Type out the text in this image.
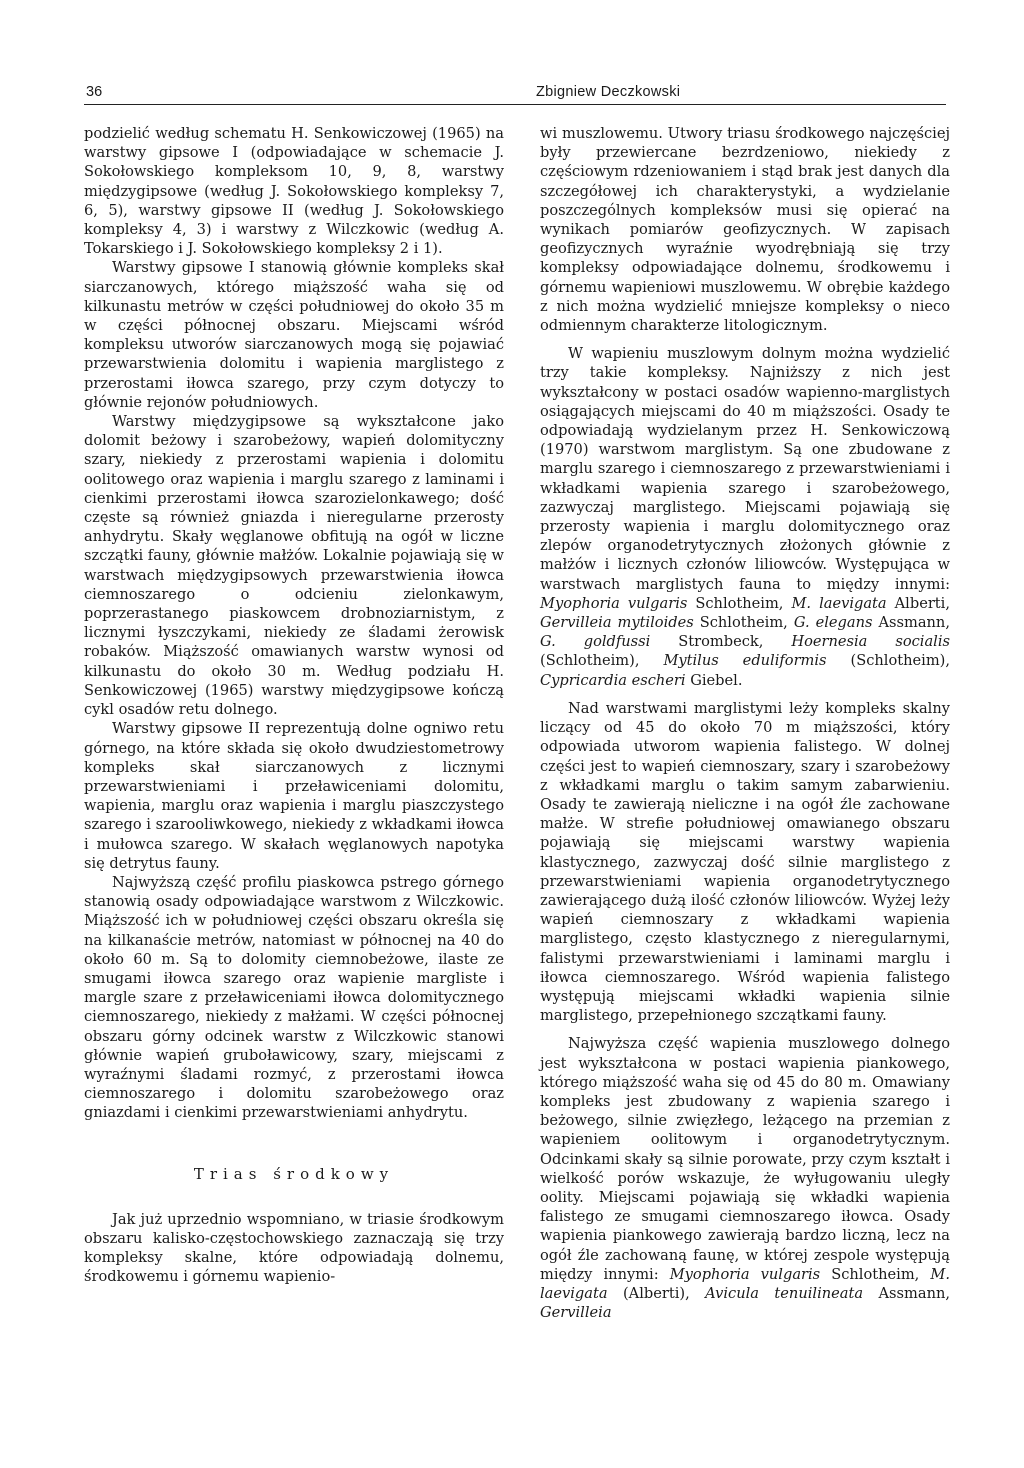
36	Zbigniew Deczkowski

podzielić według schematu H. Senkowiczowej (1965) na warstwy gipsowe I (odpowiadające w schemacie J. Sokołowskiego kompleksom 10, 9, 8, warstwy międzygipsowe (według J. Sokołowskiego kompleksy 7, 6, 5), warstwy gipsowe II (według J. Sokołowskiego kompleksy 4, 3) i warstwy z Wilczkowic (według A. Tokarskiego i J. Sokołowskiego kompleksy 2 i 1).

Warstwy gipsowe I stanowią głównie kompleks skał siarczanowych, którego miąższość waha się od kilkunastu metrów w części południowej do około 35 m w części północnej obszaru. Miejscami wśród kompleksu utworów siarczanowych mogą się pojawiać przewarstwienia dolomitu i wapienia marglistego z przerostami iłowca szarego, przy czym dotyczy to głównie rejonów południowych.

Warstwy międzygipsowe są wykształcone jako dolomit beżowy i szarobeżowy, wapień dolomityczny szary, niekiedy z przerostami wapienia i dolomitu oolitowego oraz wapienia i marglu szarego z laminami i cienkimi przerostami iłowca szarozielonkawego; dość częste są również gniazda i nieregularne przerosty anhydrytu. Skały węglanowe obfitują na ogół w liczne szczątki fauny, głównie małżów. Lokalnie pojawiają się w warstwach międzygipsowych przewarstwienia iłowca ciemnoszarego o odcieniu zielonkawym, poprzerastanego piaskowcem drobnoziarnistym, z licznymi łyszczykami, niekiedy ze śladami żerowisk robaków. Miąższość omawianych warstw wynosi od kilkunastu do około 30 m. Według podziału H. Senkowiczowej (1965) warstwy międzygipsowe kończą cykl osadów retu dolnego.

Warstwy gipsowe II reprezentują dolne ogniwo retu górnego, na które składa się około dwudziestometrowy kompleks skał siarczanowych z licznymi przewarstwieniami i przeławiceniami dolomitu, wapienia, marglu oraz wapienia i marglu piaszczystego szarego i szarooliwkowego, niekiedy z wkładkami iłowca i mułowca szarego. W skałach węglanowych napotyka się detrytus fauny.

Najwyższą część profilu piaskowca pstrego górnego stanowią osady odpowiadające warstwom z Wilczkowic. Miąższość ich w południowej części obszaru określa się na kilkanaście metrów, natomiast w północnej na 40 do około 60 m. Są to dolomity ciemnobeżowe, ilaste ze smugami iłowca szarego oraz wapienie margliste i margle szare z przeławiceniami iłowca dolomitycznego ciemnoszarego, niekiedy z małżami. W części północnej obszaru górny odcinek warstw z Wilczkowic stanowi głównie wapień gruboławicowy, szary, miejscami z wyraźnymi śladami rozmyć, z przerostami iłowca ciemnoszarego i dolomitu szarobeżowego oraz gniazdami i cienkimi przewarstwieniami anhydrytu.

Trias środkowy

Jak już uprzednio wspomniano, w triasie środkowym obszaru kalisko-częstochowskiego zaznaczają się trzy kompleksy skalne, które odpowiadają dolnemu, środkowemu i górnemu wapienio-

wi muszlowemu. Utwory triasu środkowego najczęściej były przewiercane bezrdzeniowo, niekiedy z częściowym rdzeniowaniem i stąd brak jest danych dla szczegółowej ich charakterystyki, a wydzielanie poszczególnych kompleksów musi się opierać na wynikach pomiarów geofizycznych. W zapisach geofizycznych wyraźnie wyodrębniają się trzy kompleksy odpowiadające dolnemu, środkowemu i górnemu wapieniowi muszlowemu. W obrębie każdego z nich można wydzielić mniejsze kompleksy o nieco odmiennym charakterze litologicznym.

W wapieniu muszlowym dolnym można wydzielić trzy takie kompleksy. Najniższy z nich jest wykształcony w postaci osadów wapienno-marglistych osiągających miejscami do 40 m miąższości. Osady te odpowiadają wydzielanym przez H. Senkowiczową (1970) warstwom marglistym. Są one zbudowane z marglu szarego i ciemnoszarego z przewarstwieniami i wkładkami wapienia szarego i szarobeżowego, zazwyczaj marglistego. Miejscami pojawiają się przerosty wapienia i marglu dolomitycznego oraz zlepów organodetrytycznych złożonych głównie z małżów i licznych członów liliowców. Występująca w warstwach marglistych fauna to między innymi: Myophoria vulgaris Schlotheim, M. laevigata Alberti, Gervilleia mytiloides Schlotheim, G. elegans Assmann, G. goldfussi Strombeck, Hoernesia socialis (Schlotheim), Mytilus eduliformis (Schlotheim), Cypricardia escheri Giebel.

Nad warstwami marglistymi leży kompleks skalny liczący od 45 do około 70 m miąższości, który odpowiada utworom wapienia falistego. W dolnej części jest to wapień ciemnoszary, szary i szarobeżowy z wkładkami marglu o takim samym zabarwieniu. Osady te zawierają nieliczne i na ogół źle zachowane małże. W strefie południowej omawianego obszaru pojawiają się miejscami warstwy wapienia klastycznego, zazwyczaj dość silnie marglistego z przewarstwieniami wapienia organodetrytycznego zawierającego dużą ilość członów liliowców. Wyżej leży wapień ciemnoszary z wkładkami wapienia marglistego, często klastycznego z nieregularnymi, falistymi przewarstwieniami i laminami marglu i iłowca ciemnoszarego. Wśród wapienia falistego występują miejscami wkładki wapienia silnie marglistego, przepełnionego szczątkami fauny.

Najwyższa część wapienia muszlowego dolnego jest wykształcona w postaci wapienia piankowego, którego miąższość waha się od 45 do 80 m. Omawiany kompleks jest zbudowany z wapienia szarego i beżowego, silnie zwięzłego, leżącego na przemian z wapieniem oolitowym i organodetrytycznym. Odcinkami skały są silnie porowate, przy czym kształt i wielkość porów wskazuje, że wyługowaniu uległy oolity. Miejscami pojawiają się wkładki wapienia falistego ze smugami ciemnoszarego iłowca. Osady wapienia piankowego zawierają bardzo liczną, lecz na ogół źle zachowaną faunę, w której zespole występują między innymi: Myophoria vulgaris Schlotheim, M. laevigata (Alberti), Avicula tenuilineata Assmann, Gervilleia
